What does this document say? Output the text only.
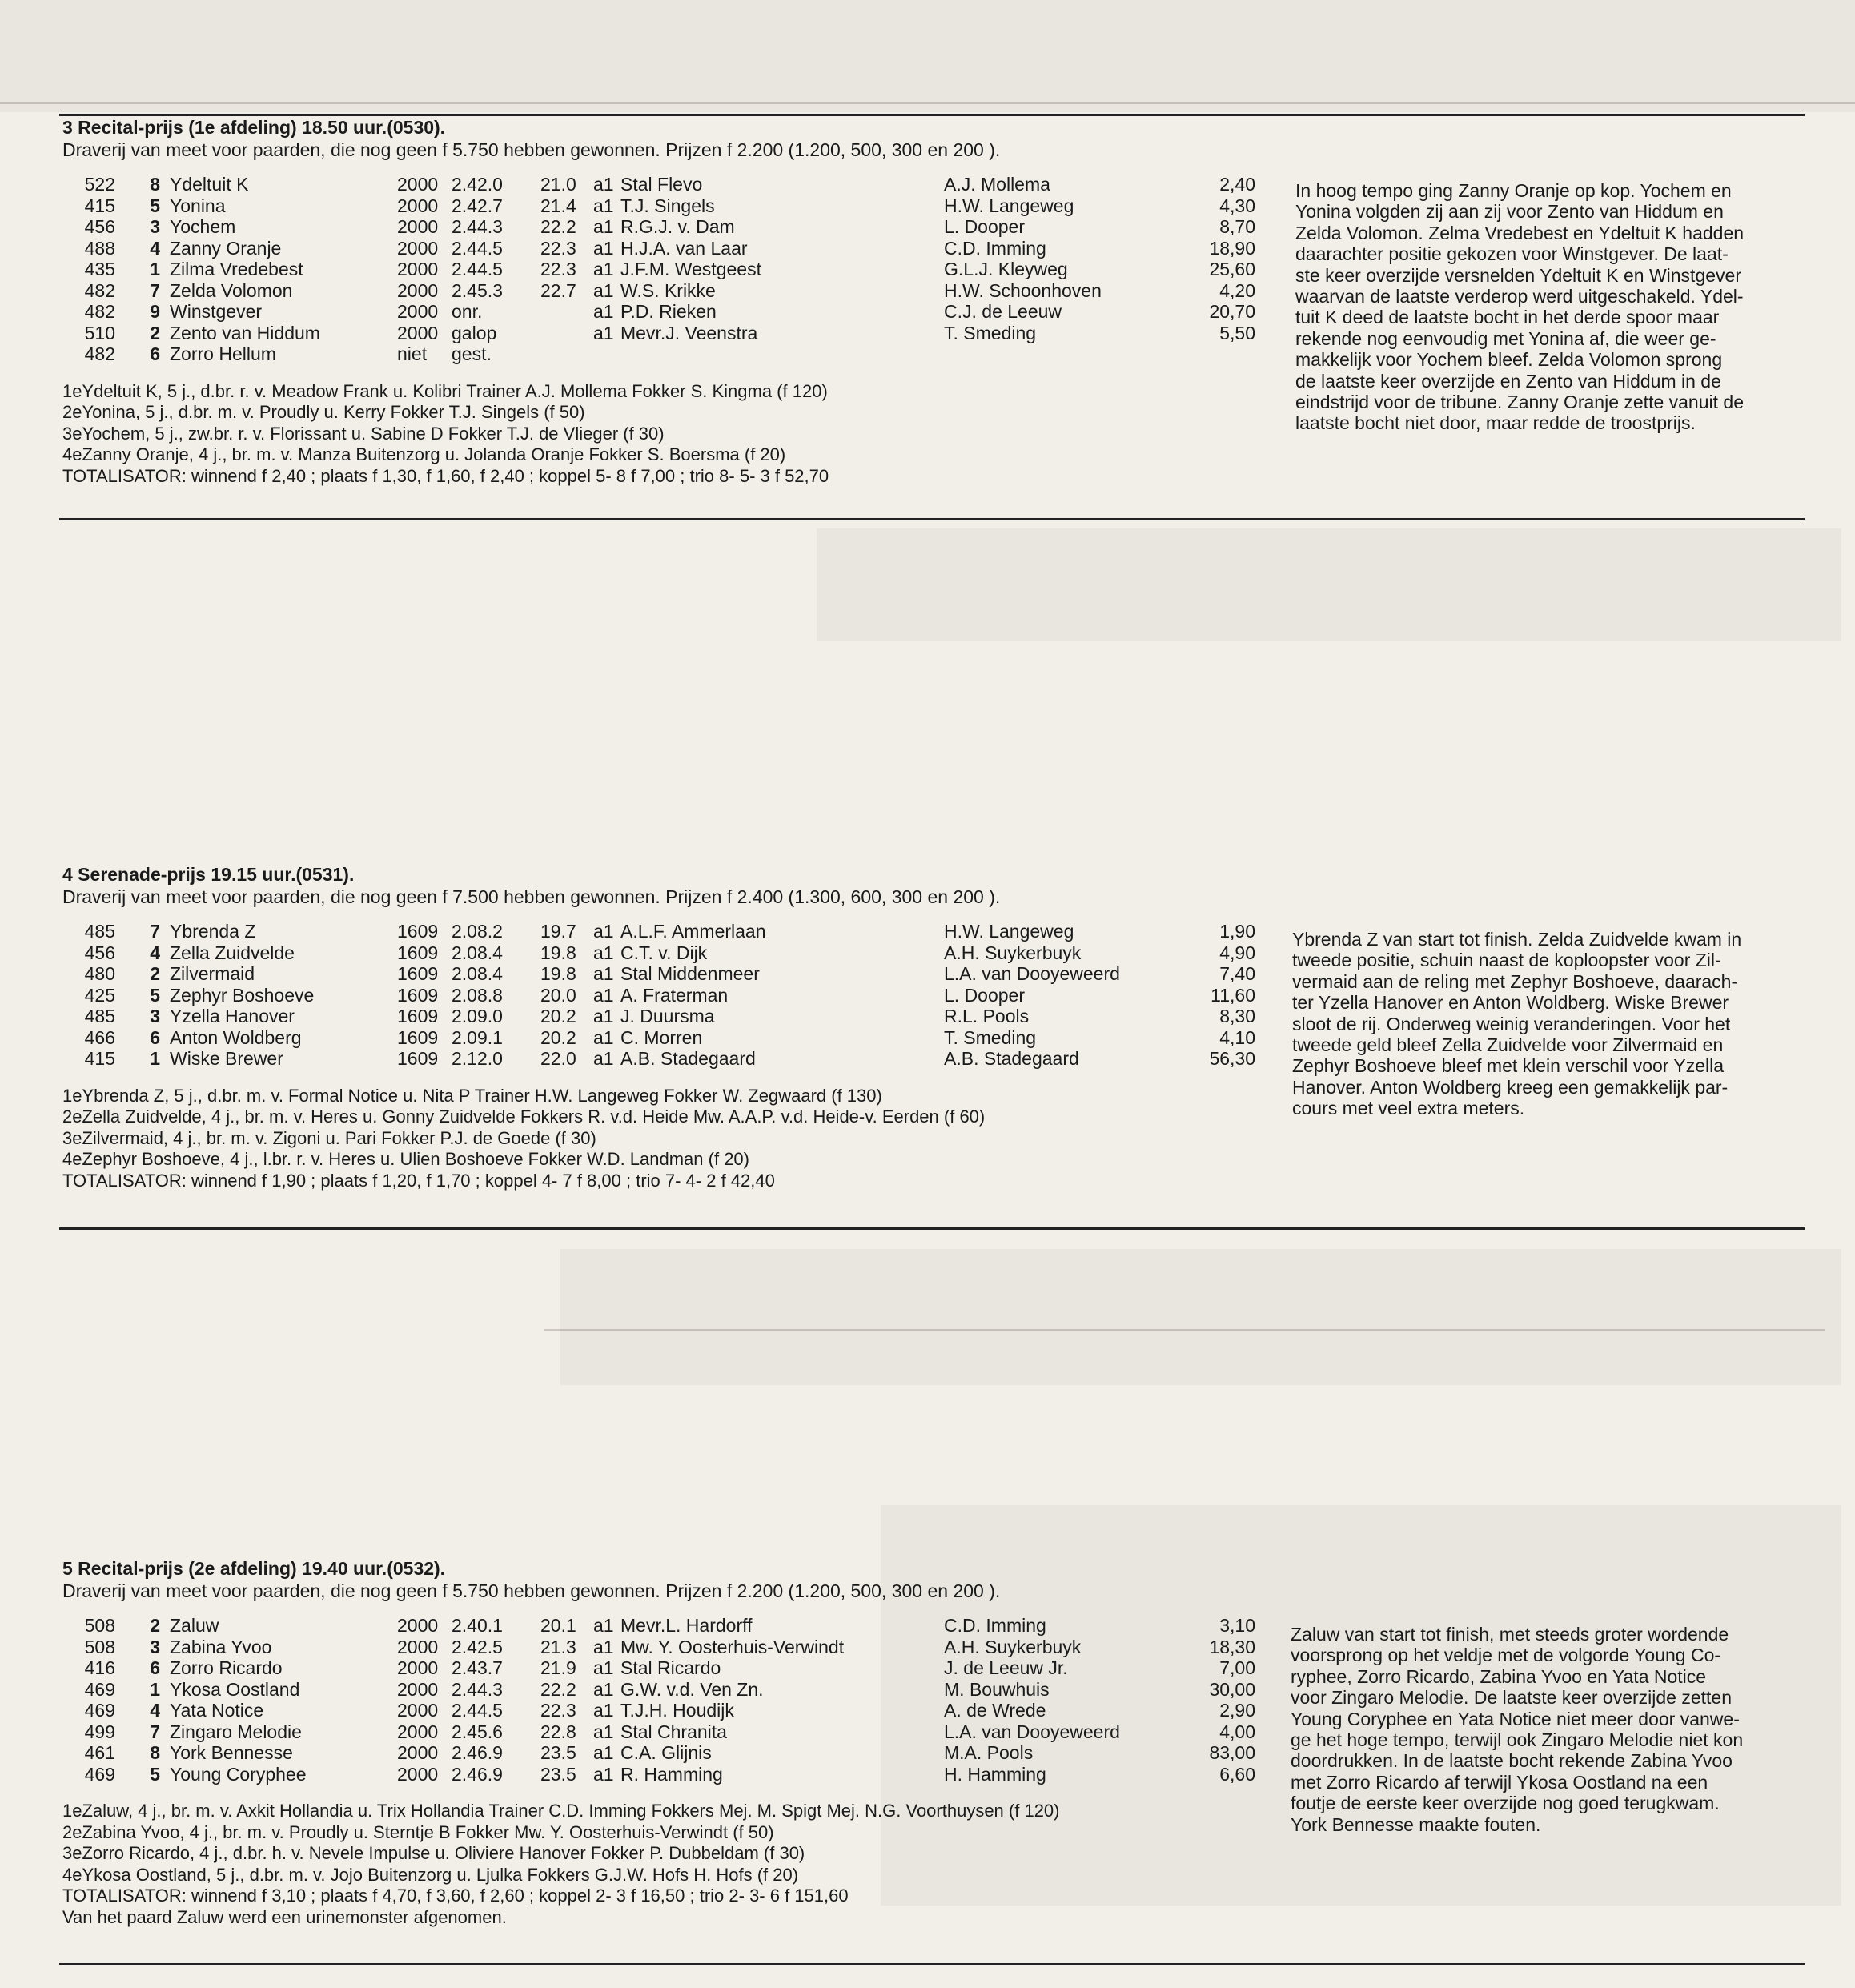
3 Recital-prijs (1e afdeling) 18.50 uur.(0530).
Draverij van meet voor paarden, die nog geen f 5.750 hebben gewonnen. Prijzen f 2.200 (1.200, 500, 300 en 200 ).
522	8 Ydeltuit K	2000 2.42.0 21.0 a1 Stal Flevo	A.J. Mollema	2,40
415	5 Yonina	2000 2.42.7 21.4 a1 T.J. Singels	H.W. Langeweg	4,30
456	3 Yochem	2000 2.44.3 22.2 a1 R.G.J. v. Dam	L. Dooper	8,70
488	4 Zanny Oranje	2000 2.44.5 22.3 a1 H.J.A. van Laar	C.D. Imming	18,90
435	1 Zilma Vredebest	2000 2.44.5 22.3 a1 J.F.M. Westgeest	G.L.J. Kleyweg	25,60
482	7 Zelda Volomon	2000 2.45.3 22.7 a1 W.S. Krikke	H.W. Schoonhoven	4,20
482	9 Winstgever	2000 onr.	a1 P.D. Rieken	C.J. de Leeuw	20,70
510	2 Zento van Hiddum	2000 galop	a1 Mevr.J. Veenstra	T. Smeding	5,50
482	6 Zorro Hellum	niet gest.
1eYdeltuit K, 5 j., d.br. r. v. Meadow Frank u. Kolibri Trainer A.J. Mollema Fokker S. Kingma (f 120)
2eYonina, 5 j., d.br. m. v. Proudly u. Kerry Fokker T.J. Singels (f 50)
3eYochem, 5 j., zw.br. r. v. Florissant u. Sabine D Fokker T.J. de Vlieger (f 30)
4eZanny Oranje, 4 j., br. m. v. Manza Buitenzorg u. Jolanda Oranje Fokker S. Boersma (f 20)
TOTALISATOR: winnend f 2,40 ; plaats f 1,30, f 1,60, f 2,40 ; koppel 5- 8 f 7,00 ; trio 8- 5- 3 f 52,70
In hoog tempo ging Zanny Oranje op kop. Yochem en
Yonina volgden zij aan zij voor Zento van Hiddum en
Zelda Volomon. Zelma Vredebest en Ydeltuit K hadden
daarachter positie gekozen voor Winstgever. De laat-
ste keer overzijde versnelden Ydeltuit K en Winstgever
waarvan de laatste verderop werd uitgeschakeld. Ydel-
tuit K deed de laatste bocht in het derde spoor maar
rekende nog eenvoudig met Yonina af, die weer ge-
makkelijk voor Yochem bleef. Zelda Volomon sprong
de laatste keer overzijde en Zento van Hiddum in de
eindstrijd voor de tribune. Zanny Oranje zette vanuit de
laatste bocht niet door, maar redde de troostprijs.
4 Serenade-prijs 19.15 uur.(0531).
Draverij van meet voor paarden, die nog geen f 7.500 hebben gewonnen. Prijzen f 2.400 (1.300, 600, 300 en 200 ).
485	7 Ybrenda Z	1609 2.08.2 19.7 a1 A.L.F. Ammerlaan	H.W. Langeweg	1,90
456	4 Zella Zuidvelde	1609 2.08.4 19.8 a1 C.T. v. Dijk	A.H. Suykerbuyk	4,90
480	2 Zilvermaid	1609 2.08.4 19.8 a1 Stal Middenmeer	L.A. van Dooyeweerd	7,40
425	5 Zephyr Boshoeve	1609 2.08.8 20.0 a1 A. Fraterman	L. Dooper	11,60
485	3 Yzella Hanover	1609 2.09.0 20.2 a1 J. Duursma	R.L. Pools	8,30
466	6 Anton Woldberg	1609 2.09.1 20.2 a1 C. Morren	T. Smeding	4,10
415	1 Wiske Brewer	1609 2.12.0 22.0 a1 A.B. Stadegaard	A.B. Stadegaard	56,30
1eYbrenda Z, 5 j., d.br. m. v. Formal Notice u. Nita P Trainer H.W. Langeweg Fokker W. Zegwaard (f 130)
2eZella Zuidvelde, 4 j., br. m. v. Heres u. Gonny Zuidvelde Fokkers R. v.d. Heide Mw. A.A.P. v.d. Heide-v. Eerden (f 60)
3eZilvermaid, 4 j., br. m. v. Zigoni u. Pari Fokker P.J. de Goede (f 30)
4eZephyr Boshoeve, 4 j., l.br. r. v. Heres u. Ulien Boshoeve Fokker W.D. Landman (f 20)
TOTALISATOR: winnend f 1,90 ; plaats f 1,20, f 1,70 ; koppel 4- 7 f 8,00 ; trio 7- 4- 2 f 42,40
Ybrenda Z van start tot finish. Zelda Zuidvelde kwam in
tweede positie, schuin naast de koploopster voor Zil-
vermaid aan de reling met Zephyr Boshoeve, daarach-
ter Yzella Hanover en Anton Woldberg. Wiske Brewer
sloot de rij. Onderweg weinig veranderingen. Voor het
tweede geld bleef Zella Zuidvelde voor Zilvermaid en
Zephyr Boshoeve bleef met klein verschil voor Yzella
Hanover. Anton Woldberg kreeg een gemakkelijk par-
cours met veel extra meters.
5 Recital-prijs (2e afdeling) 19.40 uur.(0532).
Draverij van meet voor paarden, die nog geen f 5.750 hebben gewonnen. Prijzen f 2.200 (1.200, 500, 300 en 200 ).
508	2 Zaluw	2000 2.40.1 20.1 a1 Mevr.L. Hardorff	C.D. Imming	3,10
508	3 Zabina Yvoo	2000 2.42.5 21.3 a1 Mw. Y. Oosterhuis-Verwindt	A.H. Suykerbuyk	18,30
416	6 Zorro Ricardo	2000 2.43.7 21.9 a1 Stal Ricardo	J. de Leeuw Jr.	7,00
469	1 Ykosa Oostland	2000 2.44.3 22.2 a1 G.W. v.d. Ven Zn.	M. Bouwhuis	30,00
469	4 Yata Notice	2000 2.44.5 22.3 a1 T.J.H. Houdijk	A. de Wrede	2,90
499	7 Zingaro Melodie	2000 2.45.6 22.8 a1 Stal Chranita	L.A. van Dooyeweerd	4,00
461	8 York Bennesse	2000 2.46.9 23.5 a1 C.A. Glijnis	M.A. Pools	83,00
469	5 Young Coryphee	2000 2.46.9 23.5 a1 R. Hamming	H. Hamming	6,60
1eZaluw, 4 j., br. m. v. Axkit Hollandia u. Trix Hollandia Trainer C.D. Imming Fokkers Mej. M. Spigt Mej. N.G. Voorthuysen (f 120)
2eZabina Yvoo, 4 j., br. m. v. Proudly u. Sterntje B Fokker Mw. Y. Oosterhuis-Verwindt (f 50)
3eZorro Ricardo, 4 j., d.br. h. v. Nevele Impulse u. Oliviere Hanover Fokker P. Dubbeldam (f 30)
4eYkosa Oostland, 5 j., d.br. m. v. Jojo Buitenzorg u. Ljulka Fokkers G.J.W. Hofs H. Hofs (f 20)
TOTALISATOR: winnend f 3,10 ; plaats f 4,70, f 3,60, f 2,60 ; koppel 2- 3 f 16,50 ; trio 2- 3- 6 f 151,60
Van het paard Zaluw werd een urinemonster afgenomen.
Zaluw van start tot finish, met steeds groter wordende
voorsprong op het veldje met de volgorde Young Co-
ryphee, Zorro Ricardo, Zabina Yvoo en Yata Notice
voor Zingaro Melodie. De laatste keer overzijde zetten
Young Coryphee en Yata Notice niet meer door vanwe-
ge het hoge tempo, terwijl ook Zingaro Melodie niet kon
doordrukken. In de laatste bocht rekende Zabina Yvoo
met Zorro Ricardo af terwijl Ykosa Oostland na een
foutje de eerste keer overzijde nog goed terugkwam.
York Bennesse maakte fouten.
